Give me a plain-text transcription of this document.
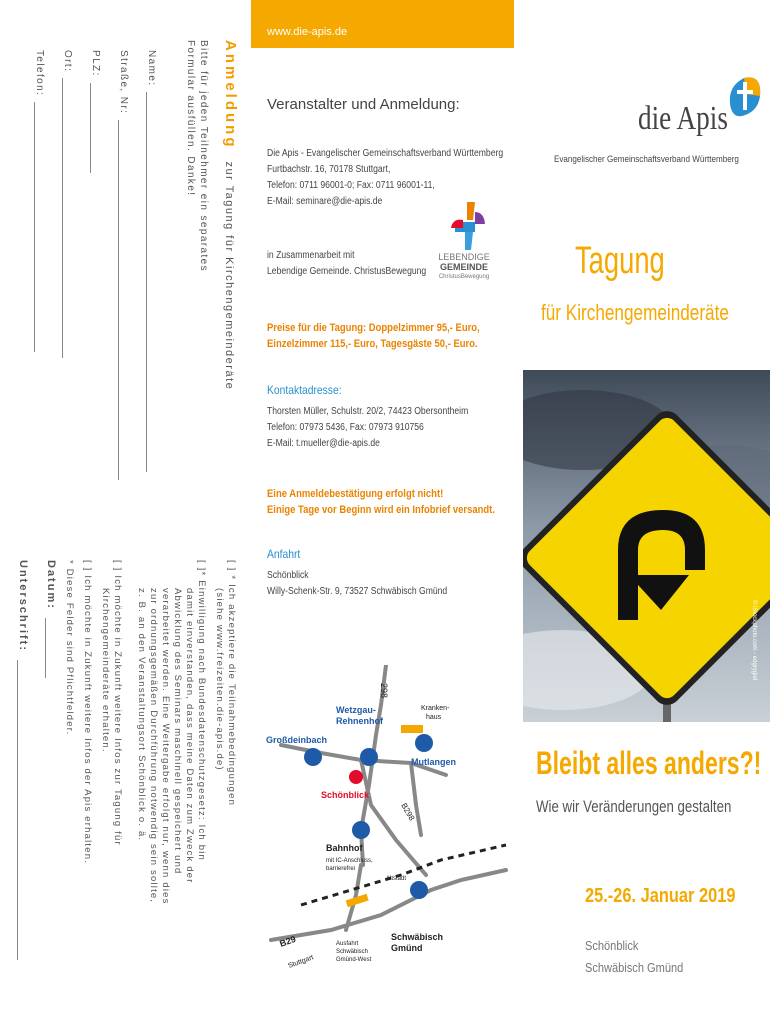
Anmeldungzur Tagung für Kirchengemeinderäte
Bitte für jeden Teilnehmer ein separates
Formular ausfüllen. Danke!
Name:
Straße, Nr:
PLZ:
Ort:
Telefon:
[ ] * Ich akzeptiere die Teilnahmebedingungen
(siehe www.freizeiten.die-apis.de)
[ ]* Einwilligung nach Bundesdatenschutzgesetz: Ich bin
damit einverstanden, dass meine Daten zum Zweck der
Abwicklung des Seminars maschinell gespeichert und
verarbeitet werden. Eine Weitergabe erfolgt nur, wenn dies
zur ordnungsgemäßen Durchführung notwendig sein sollte,
z. B. an den Veranstaltungsort Schönblick o. ä.
[ ] Ich möchte in Zukunft weitere Infos zur Tagung für
Kirchengemeinderäte erhalten.
[ ] Ich möchte in Zukunft weitere Infos der Apis erhalten.
* Diese Felder sind Pflichtfelder.
Datum:
Unterschrift:
www.die-apis.de
Veranstalter und Anmeldung:
Die Apis - Evangelischer Gemeinschaftsverband Württemberg
Furtbachstr. 16, 70178 Stuttgart,
Telefon: 0711 96001-0; Fax: 0711 96001-11,
E-Mail: seminare@die-apis.de
in Zusammenarbeit mit
Lebendige Gemeinde. ChristusBewegung
LEBENDIGE
GEMEINDE
ChristusBewegung
Preise für die Tagung: Doppelzimmer 95,- Euro,
Einzelzimmer 115,- Euro, Tagesgäste 50,- Euro.
Kontaktadresse:
Thorsten Müller, Schulstr. 20/2, 74423 Obersontheim
Telefon: 07973 5436, Fax: 07973 910756
E-Mail: t.mueller@die-apis.de
Eine Anmeldebestätigung erfolgt nicht!
Einige Tage vor Beginn wird ein Infobrief versandt.
Anfahrt
Schönblick
Willy-Schenk-Str. 9, 73527 Schwäbisch Gmünd
298
Wetzgau-
Rehnenhof
Kranken-
haus
Großdeinbach
Mutlangen
Schönblick
B298
Bahnhof
mit IC-Anschluss,
barrierefrei
Altstadt
B29
Stuttgart
Ausfahrt
Schwäbisch
Gmünd-West
Schwäbisch
Gmünd
die Apis
Evangelischer Gemeinschaftsverband Württemberg
Tagung
für Kirchengemeinderäte
© iStockphoto.com - edgrygiel
Bleibt alles anders?!
Wie wir Veränderungen gestalten
25.-26. Januar 2019
Schönblick
Schwäbisch Gmünd
